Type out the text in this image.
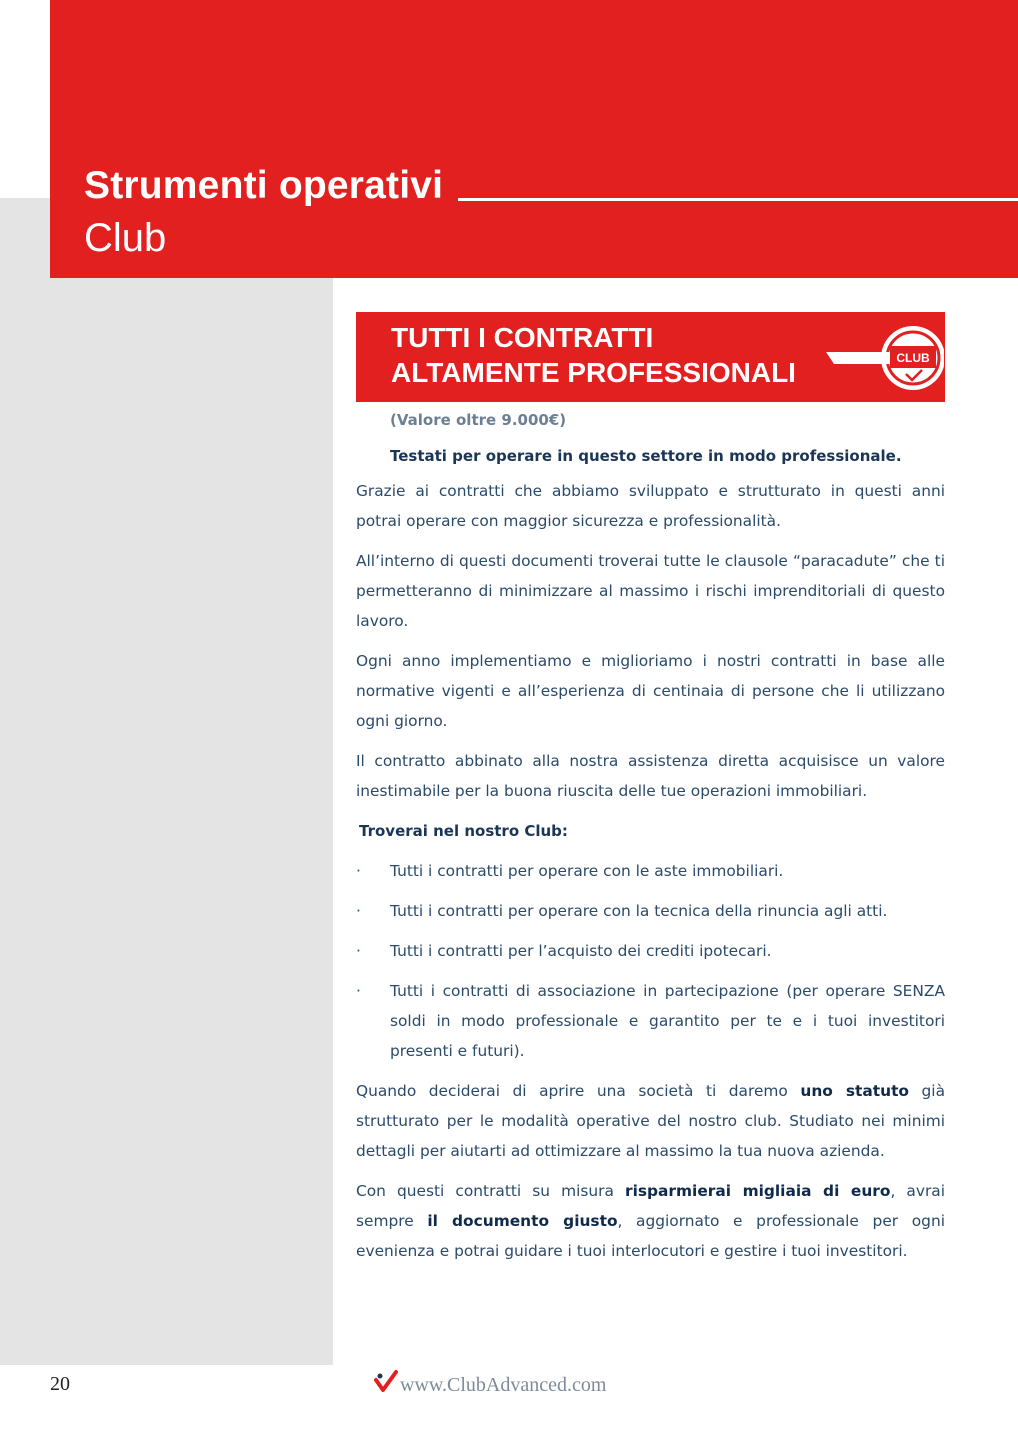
Strumenti operativi
Club
TUTTI I CONTRATTI
ALTAMENTE PROFESSIONALI	CLUB
(Valore oltre 9.000€)
Testati per operare in questo settore in modo professionale.

Grazie ai contratti che abbiamo sviluppato e strutturato in questi anni potrai operare con maggior sicurezza e professionalità.

All’interno di questi documenti troverai tutte le clausole “paracadute” che ti permetteranno di minimizzare al massimo i rischi imprenditoriali di questo lavoro.

Ogni anno implementiamo e miglioriamo i nostri contratti in base alle normative vigenti e all’esperienza di centinaia di persone che li utilizzano ogni giorno.

Il contratto abbinato alla nostra assistenza diretta acquisisce un valore inestimabile per la buona riuscita delle tue operazioni immobiliari.

Troverai nel nostro Club:
· Tutti i contratti per operare con le aste immobiliari.
· Tutti i contratti per operare con la tecnica della rinuncia agli atti.
· Tutti i contratti per l’acquisto dei crediti ipotecari.
· Tutti i contratti di associazione in partecipazione (per operare SENZA soldi in modo professionale e garantito per te e i tuoi investitori presenti e futuri).

Quando deciderai di aprire una società ti daremo uno statuto già strutturato per le modalità operative del nostro club. Studiato nei minimi dettagli per aiutarti ad ottimizzare al massimo la tua nuova azienda.

Con questi contratti su misura risparmierai migliaia di euro, avrai sempre il documento giusto, aggiornato e professionale per ogni evenienza e potrai guidare i tuoi interlocutori e gestire i tuoi investitori.

20	www.ClubAdvanced.com
